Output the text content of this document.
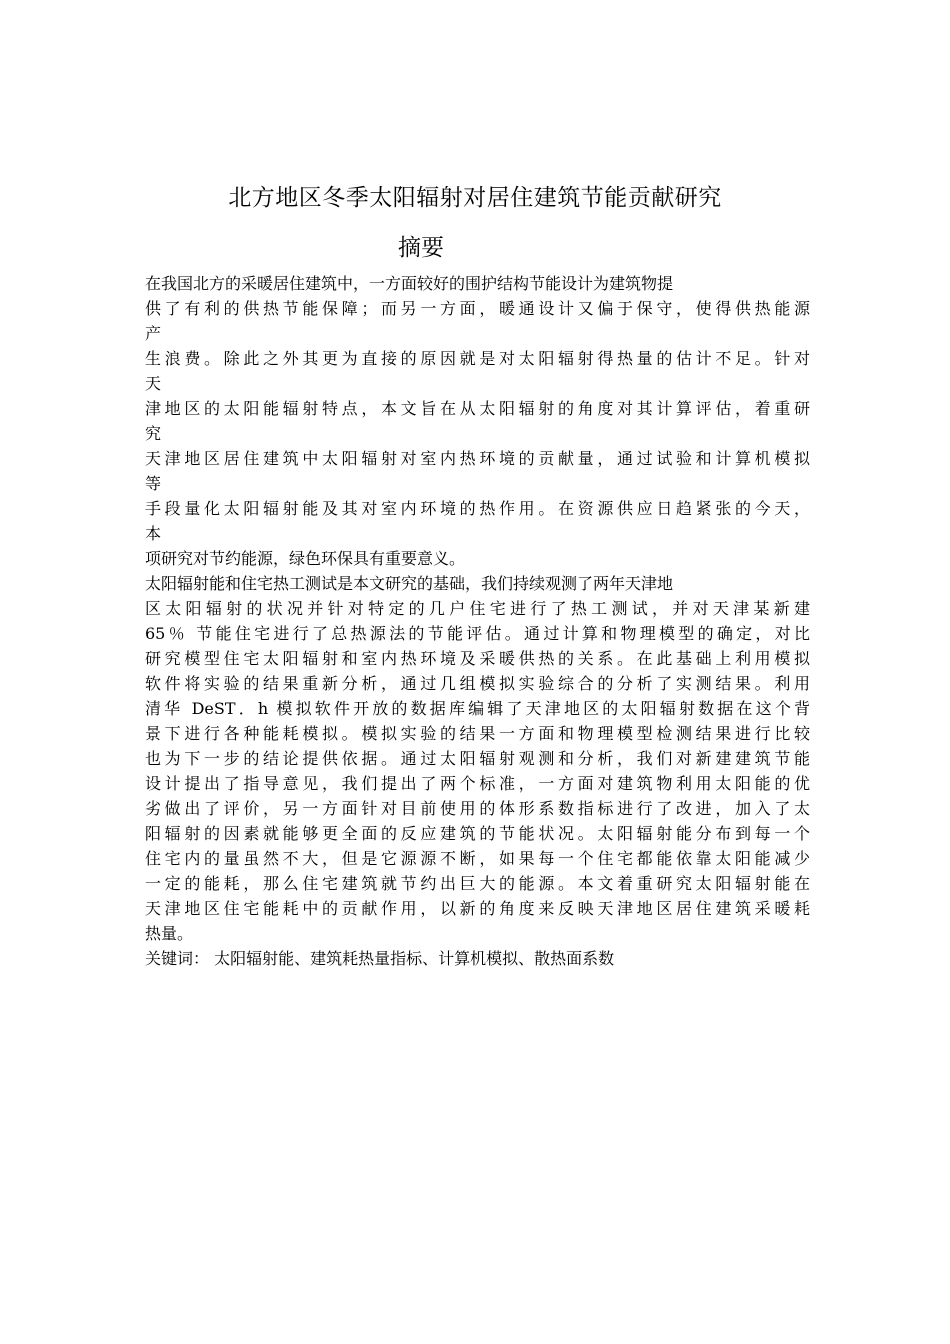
北方地区冬季太阳辐射对居住建筑节能贡献研究
摘要
在我国北方的采暖居住建筑中，一方面较好的围护结构节能设计为建筑物提
供了有利的供热节能保障；而另一方面，暖通设计又偏于保守，使得供热能源
产
生浪费。除此之外其更为直接的原因就是对太阳辐射得热量的估计不足。针对
天
津地区的太阳能辐射特点，本文旨在从太阳辐射的角度对其计算评估，着重研
究
天津地区居住建筑中太阳辐射对室内热环境的贡献量，通过试验和计算机模拟
等
手段量化太阳辐射能及其对室内环境的热作用。在资源供应日趋紧张的今天，
本
项研究对节约能源，绿色环保具有重要意义。
太阳辐射能和住宅热工测试是本文研究的基础，我们持续观测了两年天津地
区太阳辐射的状况并针对特定的几户住宅进行了热工测试，并对天津某新建
65％ 节能住宅进行了总热源法的节能评估。通过计算和物理模型的确定，对比
研究模型住宅太阳辐射和室内热环境及采暖供热的关系。在此基础上利用模拟
软件将实验的结果重新分析，通过几组模拟实验综合的分析了实测结果。利用
清华 DeST．h 模拟软件开放的数据库编辑了天津地区的太阳辐射数据在这个背
景下进行各种能耗模拟。模拟实验的结果一方面和物理模型检测结果进行比较
也为下一步的结论提供依据。通过太阳辐射观测和分析，我们对新建建筑节能
设计提出了指导意见，我们提出了两个标准，一方面对建筑物利用太阳能的优
劣做出了评价，另一方面针对目前使用的体形系数指标进行了改进，加入了太
阳辐射的因素就能够更全面的反应建筑的节能状况。太阳辐射能分布到每一个
住宅内的量虽然不大，但是它源源不断，如果每一个住宅都能依靠太阳能减少
一定的能耗，那么住宅建筑就节约出巨大的能源。本文着重研究太阳辐射能在
天津地区住宅能耗中的贡献作用，以新的角度来反映天津地区居住建筑采暖耗
热量。
关键词： 太阳辐射能、建筑耗热量指标、计算机模拟、散热面系数
